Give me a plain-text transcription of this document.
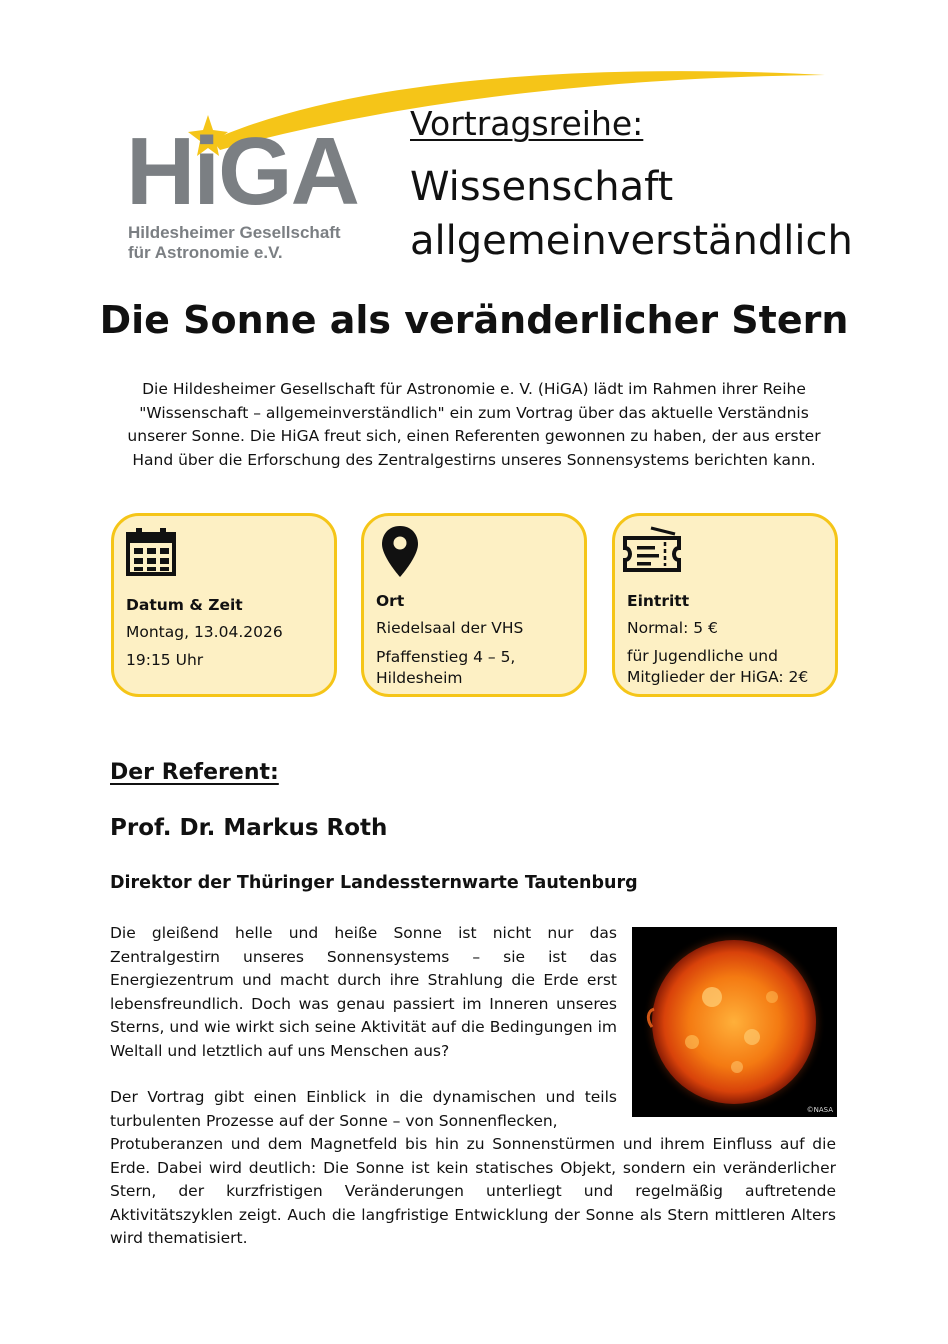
HiGA
Hildesheimer Gesellschaft
für Astronomie e.V.
Vortragsreihe:
Wissenschaft
allgemeinverständlich
Die Sonne als veränderlicher Stern
Die Hildesheimer Gesellschaft für Astronomie e. V. (HiGA) lädt im Rahmen ihrer Reihe "Wissenschaft – allgemeinverständlich" ein zum Vortrag über das aktuelle Verständnis unserer Sonne. Die HiGA freut sich, einen Referenten gewonnen zu haben, der aus erster Hand über die Erforschung des Zentralgestirns unseres Sonnensystems berichten kann.
Datum & Zeit
Montag, 13.04.2026
19:15 Uhr
Ort
Riedelsaal der VHS
Pfaffenstieg 4 – 5, Hildesheim
Eintritt
Normal: 5 €
für Jugendliche und Mitglieder der HiGA: 2€
Der Referent:
Prof. Dr. Markus Roth
Direktor der Thüringer Landessternwarte Tautenburg
Die gleißend helle und heiße Sonne ist nicht nur das Zentralgestirn unseres Sonnensystems – sie ist das Energiezentrum und macht durch ihre Strahlung die Erde erst lebensfreundlich. Doch was genau passiert im Inneren unseres Sterns, und wie wirkt sich seine Aktivität auf die Bedingungen im Weltall und letztlich auf uns Menschen aus?
Der Vortrag gibt einen Einblick in die dynamischen und teils turbulenten Prozesse auf der Sonne – von Sonnenflecken,
Protuberanzen und dem Magnetfeld bis hin zu Sonnenstürmen und ihrem Einfluss auf die Erde. Dabei wird deutlich: Die Sonne ist kein statisches Objekt, sondern ein veränderlicher Stern, der kurzfristigen Veränderungen unterliegt und regelmäßig auftretende Aktivitätszyklen zeigt. Auch die langfristige Entwicklung der Sonne als Stern mittleren Alters wird thematisiert.
©NASA
